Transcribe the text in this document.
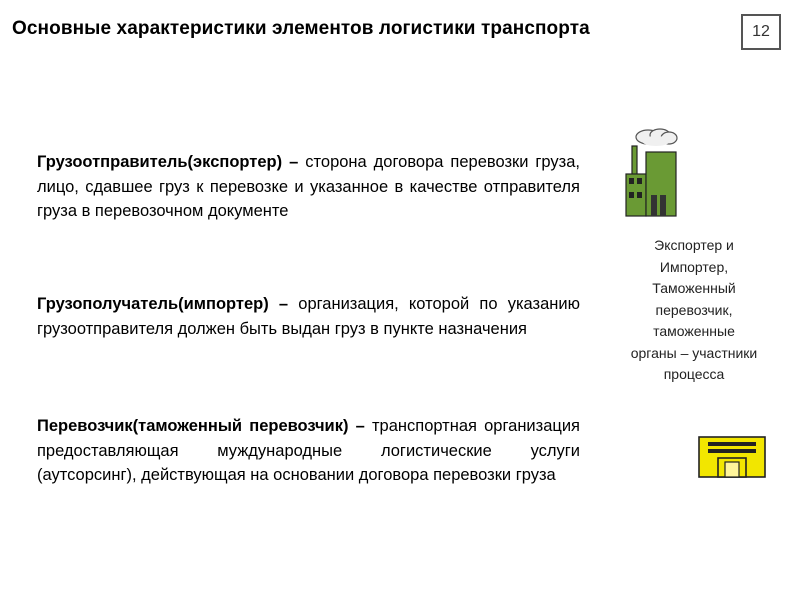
Основные характеристики элементов логистики транспорта	12
Грузоотправитель(экспортер) – сторона договора перевозки груза, лицо, сдавшее груз к перевозке и указанное в качестве отправителя груза в перевозочном документе
Грузополучатель(импортер) – организация, которой по указанию грузоотправителя должен быть выдан груз в пункте назначения
Перевозчик(таможенный перевозчик) – транспортная организация предоставляющая муждународные логистические услуги (аутсорсинг), действующая на основании договора перевозки груза
Экспортер и Импортер, Таможенный перевозчик, таможенные органы – участники процесса
